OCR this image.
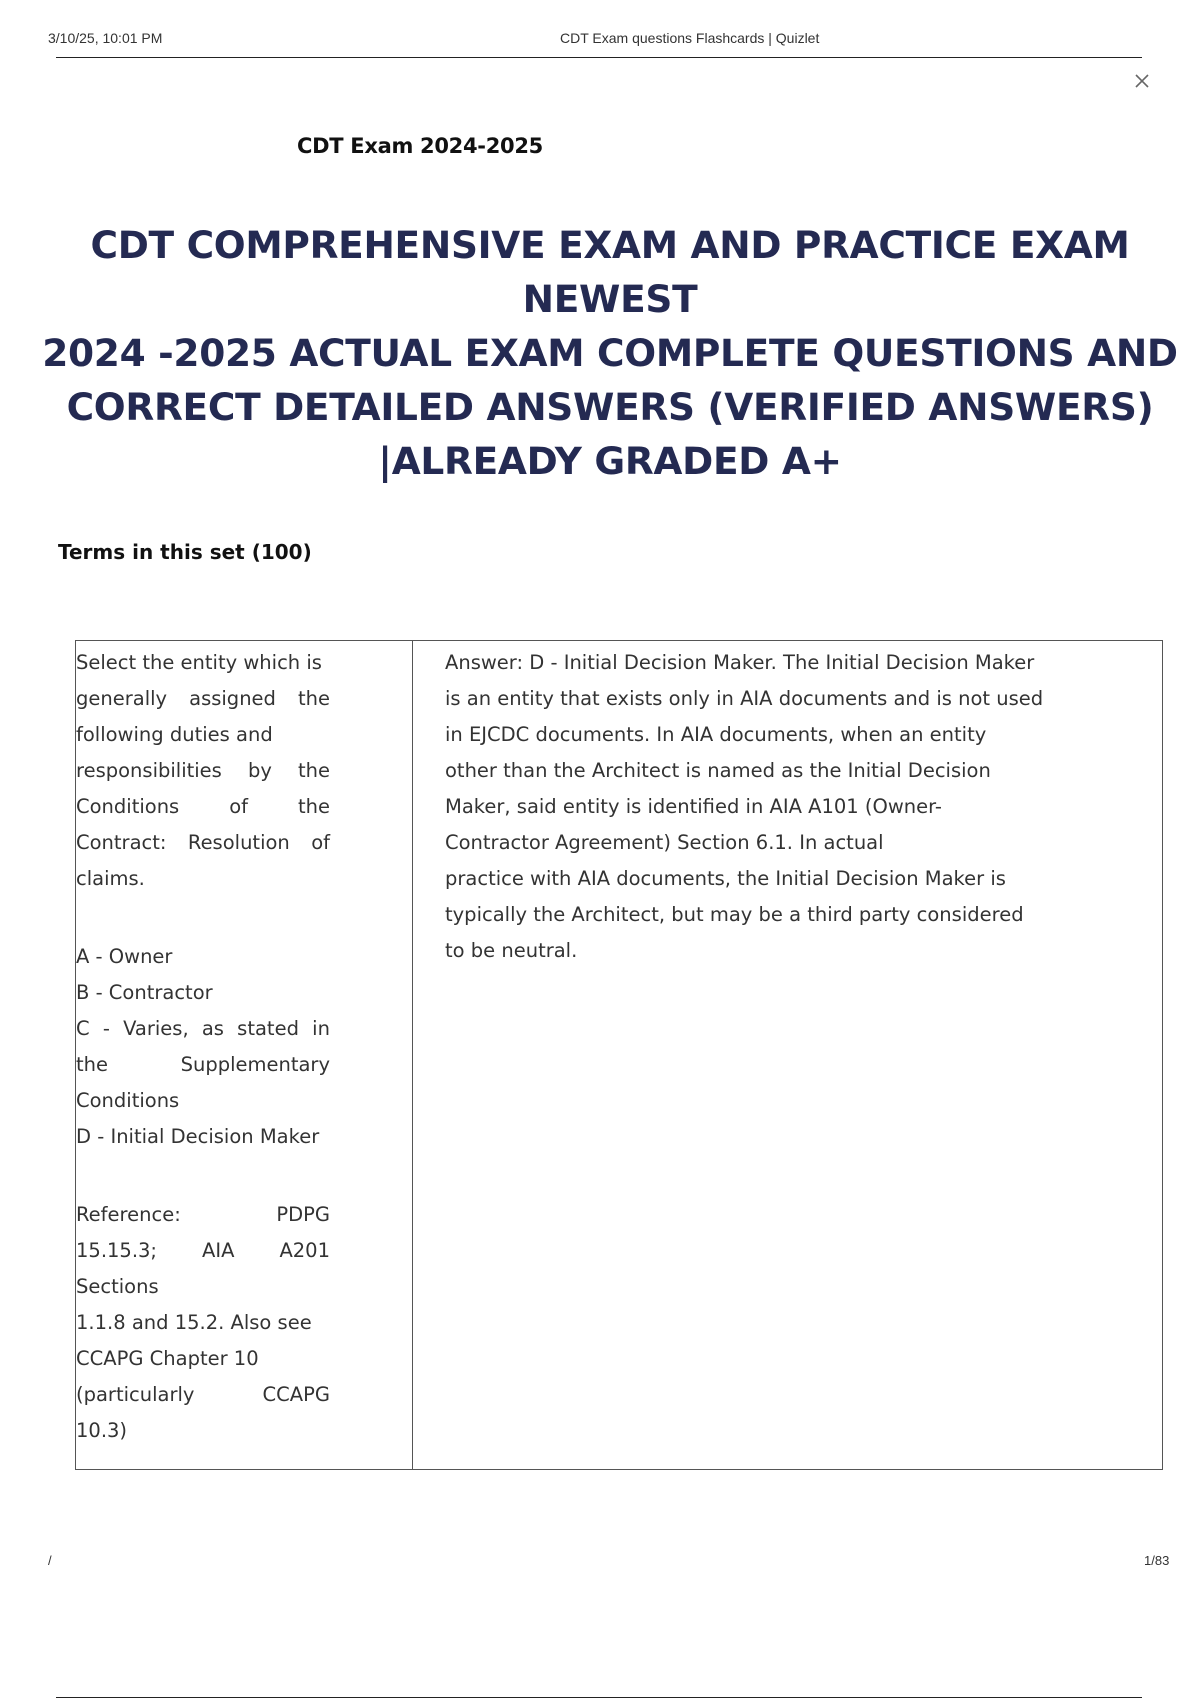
3/10/25, 10:01 PM	CDT Exam questions Flashcards | Quizlet
CDT Exam 2024-2025
CDT COMPREHENSIVE EXAM AND PRACTICE EXAM NEWEST
2024 -2025 ACTUAL EXAM COMPLETE QUESTIONS AND
CORRECT DETAILED ANSWERS (VERIFIED ANSWERS)
|ALREADY GRADED A+
Terms in this set (100)
Select the entity which is
generally assigned the
following duties and
responsibilities by the
Conditions	of	the
Contract: Resolution of
claims.
A - Owner
B - Contractor
C - Varies, as stated in
the	Supplementary
Conditions
D - Initial Decision Maker
Reference:	PDPG
15.15.3; AIA A201
Sections
1.1.8 and 15.2. Also see
CCAPG Chapter 10
(particularly	CCAPG
10.3)
Answer: D - Initial Decision Maker. The Initial Decision Maker
is an entity that exists only in AIA documents and is not used
in EJCDC documents. In AIA documents, when an entity
other than the Architect is named as the Initial Decision
Maker, said entity is identified in AIA A101 (Owner-
Contractor Agreement) Section 6.1. In actual
practice with AIA documents, the Initial Decision Maker is
typically the Architect, but may be a third party considered
to be neutral.
/	1/83
